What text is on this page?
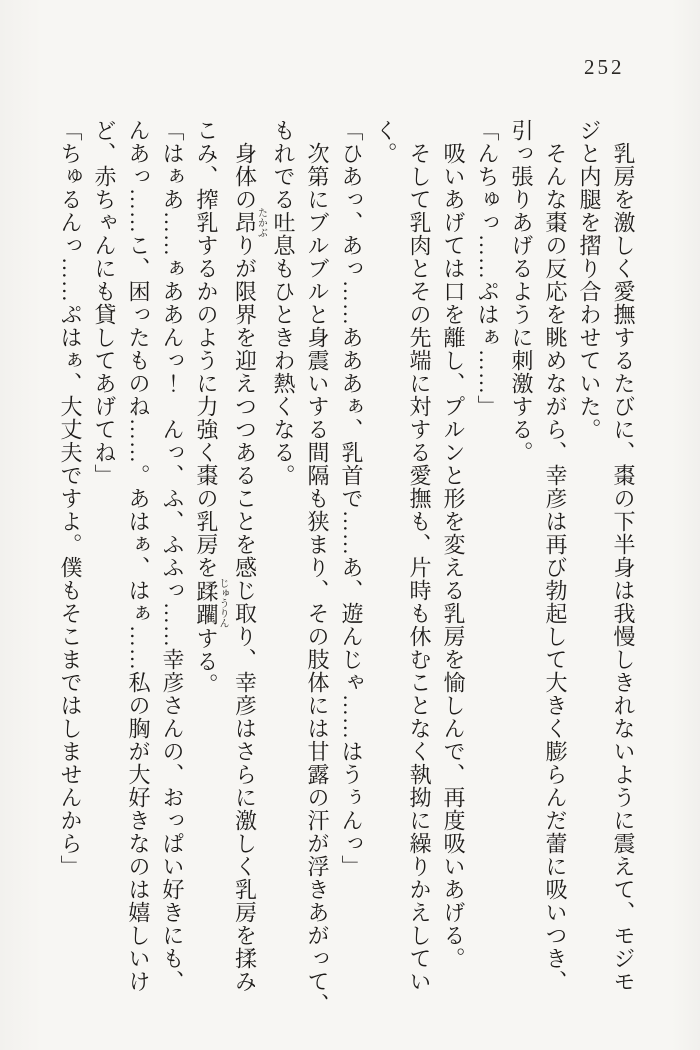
252
乳房を激しく愛撫するたびに、棗の下半身は我慢しきれないように震えて、モジモ
ジと内腿を摺り合わせていた。
そんな棗の反応を眺めながら、幸彦は再び勃起して大きく膨らんだ蕾に吸いつき、
引っ張りあげるように刺激する。
「んちゅっ……ぷはぁ……」
吸いあげては口を離し、プルンと形を変える乳房を愉しんで、再度吸いあげる。
そして乳肉とその先端に対する愛撫も、片時も休むことなく執拗に繰りかえしてい
く。
「ひあっ、あっ……あああぁ、乳首で……あ、遊んじゃ……はうぅんっ」
次第にブルブルと身震いする間隔も狭まり、その肢体には甘露の汗が浮きあがって、
もれでる吐息もひときわ熱くなる。
身体の昂たかぶりが限界を迎えつつあることを感じ取り、幸彦はさらに激しく乳房を揉み
こみ、搾乳するかのように力強く棗の乳房を蹂躙じゅうりんする。
「はぁあ……ぁああんっ！　んっ、ふ、ふふっ……幸彦さんの、おっぱい好きにも、
んあっ……こ、困ったものね……。あはぁ、はぁ……私の胸が大好きなのは嬉しいけ
ど、赤ちゃんにも貸してあげてね」
「ちゅるんっ……ぷはぁ、大丈夫ですよ。僕もそこまではしませんから」
